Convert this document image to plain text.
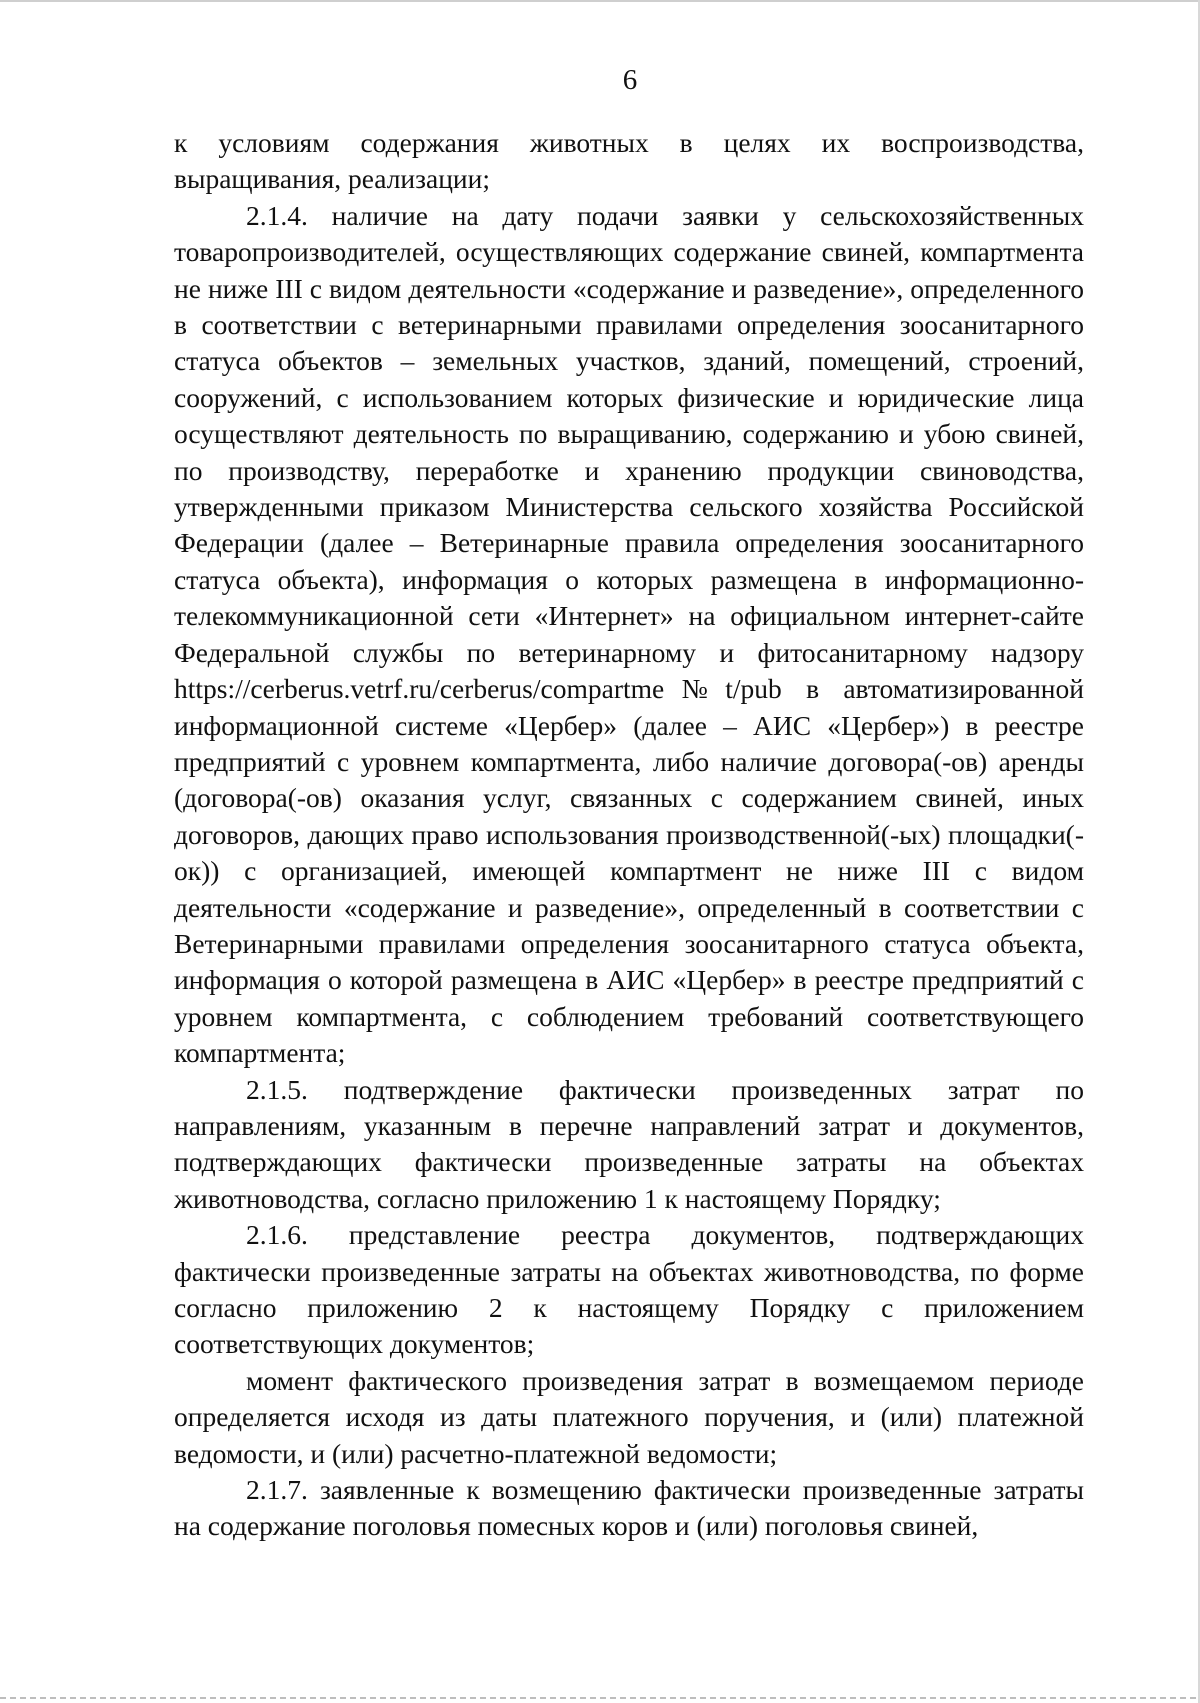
6

к условиям содержания животных в целях их воспроизводства, выращивания, реализации;

2.1.4. наличие на дату подачи заявки у сельскохозяйственных товаропроизводителей, осуществляющих содержание свиней, компартмента не ниже III с видом деятельности «содержание и разведение», определенного в соответствии с ветеринарными правилами определения зоосанитарного статуса объектов – земельных участков, зданий, помещений, строений, сооружений, с использованием которых физические и юридические лица осуществляют деятельность по выращиванию, содержанию и убою свиней, по производству, переработке и хранению продукции свиноводства, утвержденными приказом Министерства сельского хозяйства Российской Федерации (далее – Ветеринарные правила определения зоосанитарного статуса объекта), информация о которых размещена в информационно-телекоммуникационной сети «Интернет» на официальном интернет-сайте Федеральной службы по ветеринарному и фитосанитарному надзору https://cerberus.vetrf.ru/cerberus/compartme№t/pub в автоматизированной информационной системе «Цербер» (далее – АИС «Цербер») в реестре предприятий с уровнем компартмента, либо наличие договора(-ов) аренды (договора(-ов) оказания услуг, связанных с содержанием свиней, иных договоров, дающих право использования производственной(-ых) площадки(-ок)) с организацией, имеющей компартмент не ниже III с видом деятельности «содержание и разведение», определенный в соответствии с Ветеринарными правилами определения зоосанитарного статуса объекта, информация о которой размещена в АИС «Цербер» в реестре предприятий с уровнем компартмента, с соблюдением требований соответствующего компартмента;

2.1.5. подтверждение фактически произведенных затрат по направлениям, указанным в перечне направлений затрат и документов, подтверждающих фактически произведенные затраты на объектах животноводства, согласно приложению 1 к настоящему Порядку;

2.1.6. представление реестра документов, подтверждающих фактически произведенные затраты на объектах животноводства, по форме согласно приложению 2 к настоящему Порядку с приложением соответствующих документов;

момент фактического произведения затрат в возмещаемом периоде определяется исходя из даты платежного поручения, и (или) платежной ведомости, и (или) расчетно-платежной ведомости;

2.1.7. заявленные к возмещению фактически произведенные затраты на содержание поголовья помесных коров и (или) поголовья свиней,
